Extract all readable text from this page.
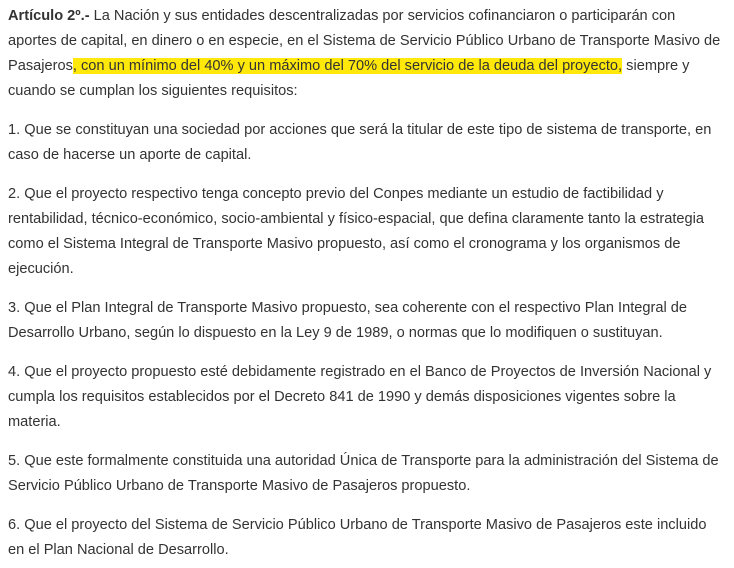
Artículo 2º.- La Nación y sus entidades descentralizadas por servicios cofinanciaron o participarán con aportes de capital, en dinero o en especie, en el Sistema de Servicio Público Urbano de Transporte Masivo de Pasajeros, con un mínimo del 40% y un máximo del 70% del servicio de la deuda del proyecto, siempre y cuando se cumplan los siguientes requisitos:

1. Que se constituyan una sociedad por acciones que será la titular de este tipo de sistema de transporte, en caso de hacerse un aporte de capital.

2. Que el proyecto respectivo tenga concepto previo del Conpes mediante un estudio de factibilidad y rentabilidad, técnico-económico, socio-ambiental y físico-espacial, que defina claramente tanto la estrategia como el Sistema Integral de Transporte Masivo propuesto, así como el cronograma y los organismos de ejecución.

3. Que el Plan Integral de Transporte Masivo propuesto, sea coherente con el respectivo Plan Integral de Desarrollo Urbano, según lo dispuesto en la Ley 9 de 1989, o normas que lo modifiquen o sustituyan.

4. Que el proyecto propuesto esté debidamente registrado en el Banco de Proyectos de Inversión Nacional y cumpla los requisitos establecidos por el Decreto 841 de 1990 y demás disposiciones vigentes sobre la materia.

5. Que este formalmente constituida una autoridad Única de Transporte para la administración del Sistema de Servicio Público Urbano de Transporte Masivo de Pasajeros propuesto.

6. Que el proyecto del Sistema de Servicio Público Urbano de Transporte Masivo de Pasajeros este incluido en el Plan Nacional de Desarrollo.
